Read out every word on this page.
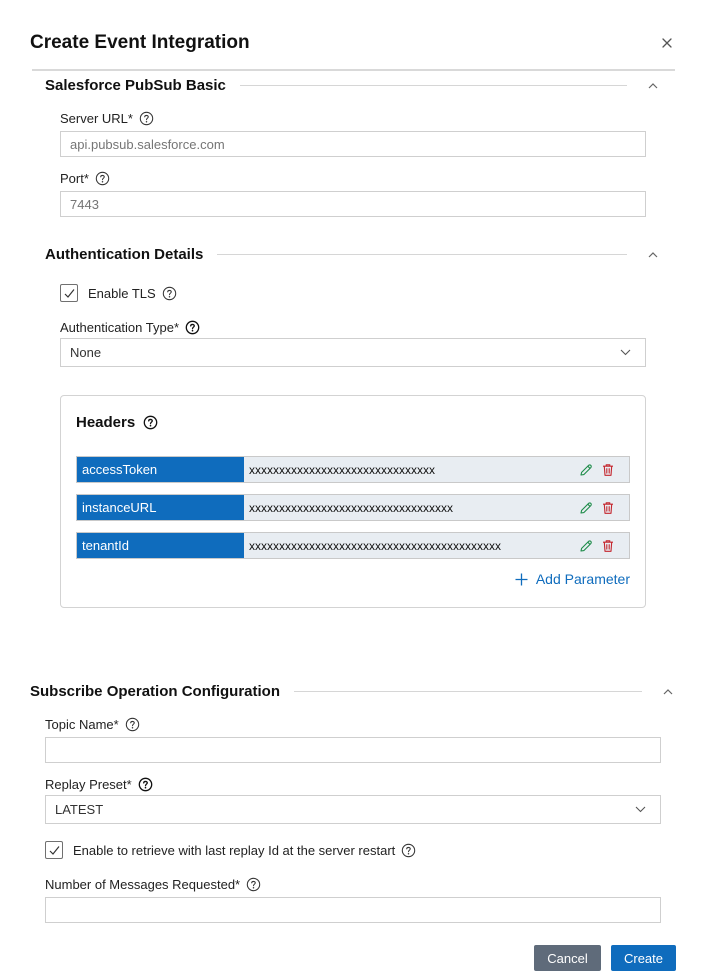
Create Event Integration
Salesforce PubSub Basic
Server URL*
api.pubsub.salesforce.com
Port*
7443
Authentication Details
Enable TLS
Authentication Type*
None
Headers
accessToken	xxxxxxxxxxxxxxxxxxxxxxxxxxxxxxx
instanceURL	xxxxxxxxxxxxxxxxxxxxxxxxxxxxxxxxxx
tenantId	xxxxxxxxxxxxxxxxxxxxxxxxxxxxxxxxxxxxxxxxxx
Add Parameter
Subscribe Operation Configuration
Topic Name*
Replay Preset*
LATEST
Enable to retrieve with last replay Id at the server restart
Number of Messages Requested*
Cancel	Create
